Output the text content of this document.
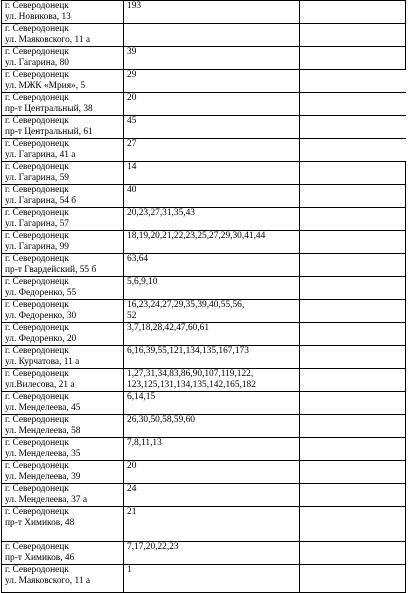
г. Северодонецк
ул. Новикова, 13	193	
г. Северодонецк
ул. Маяковского, 11 а		
г. Северодонецк
ул. Гагарина, 80	39	
г. Северодонецк
ул. МЖК «Мрия», 5	29	
г. Северодонецк
пр-т Центральный, 38	20	
г. Северодонецк
пр-т Центральный, 61	45	
г. Северодонецк
ул. Гагарина, 41 а	27	
г. Северодонецк
ул. Гагарина, 59	14	
г. Северодонецк
ул. Гагарина, 54 б	40	
г. Северодонецк
ул. Гагарина, 57	20,23,27,31,35,43	
г. Северодонецк
ул. Гагарина, 99	18,19,20,21,22,23,25,27,29,30,41,44	
г. Северодонецк
пр-т Гвардейский, 55 б	63,64	
г. Северодонецк
ул. Федоренко, 55	5,6,9,10	
г. Северодонецк
ул. Федоренко, 30	16,23,24,27,29,35,39,40,55,56,
52	
г. Северодонецк
ул. Федоренко, 20	3,7,18,28,42,47,60,61	
г. Северодонецк
ул. Курчатова, 11 а	6,16,39,55,121,134,135,167,173	
г. Северодонецк
ул.Вилесова, 21 а	1,27,31,34,83,86,90,107,119,122,
123,125,131,134,135,142,165,182	
г. Северодонецк
ул. Менделеева, 45	6,14,15	
г. Северодонецк
ул. Менделеева, 58	26,30,50,58,59,60	
г. Северодонецк
ул. Менделеева, 35	7,8,11,13	
г. Северодонецк
ул. Менделеева, 39	20	
г. Северодонецк
ул. Менделеева, 37 а	24	
г. Северодонецк
пр-т Химиков, 48	21	
г. Северодонецк
пр-т Химиков, 46	7,17,20,22,23	
г. Северодонецк
ул. Маяковского, 11 а	1	
